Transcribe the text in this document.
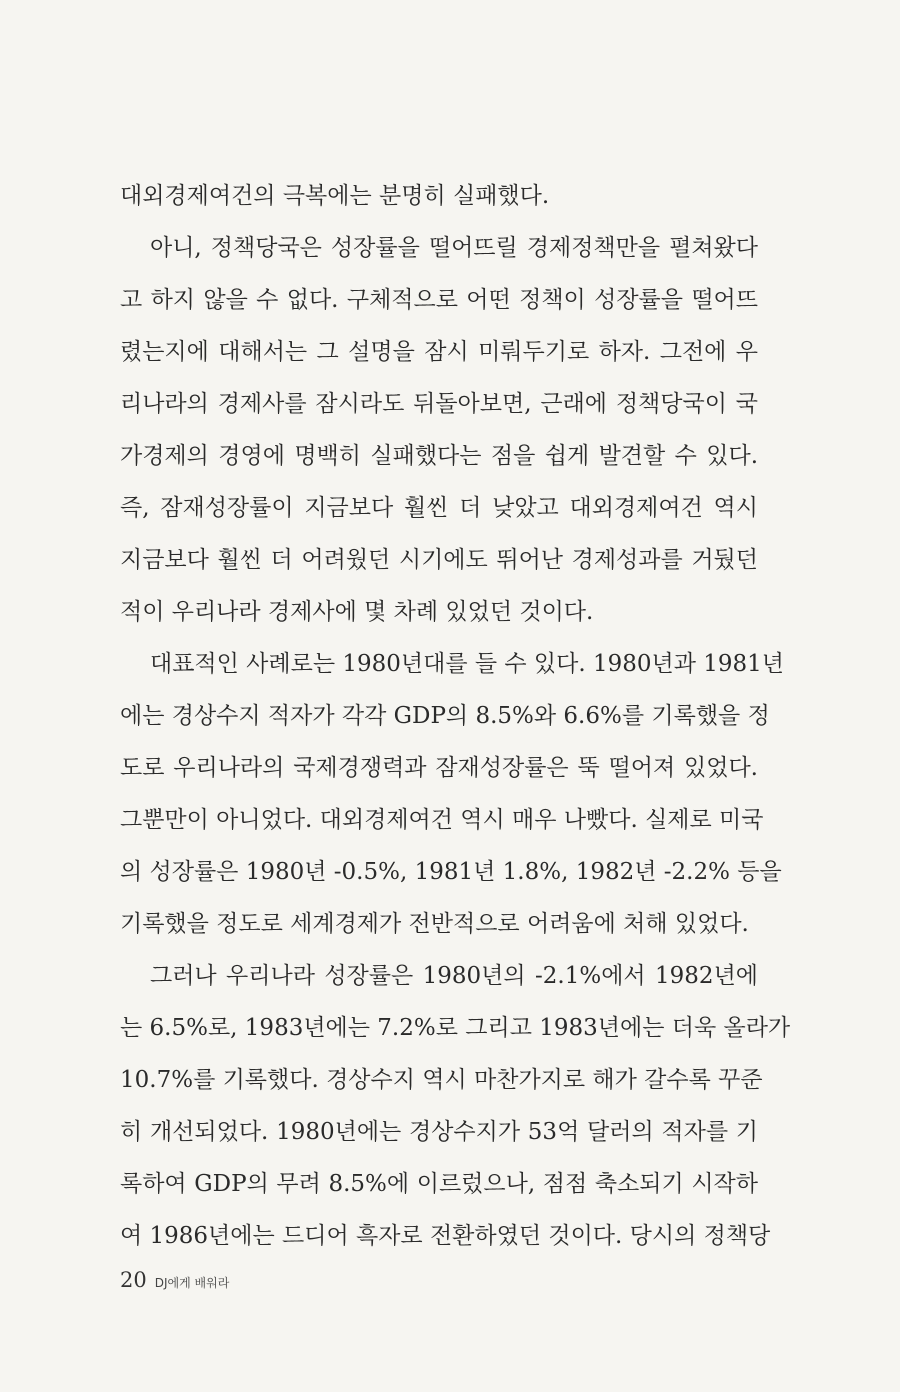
대외경제여건의 극복에는 분명히 실패했다.
아니, 정책당국은 성장률을 떨어뜨릴 경제정책만을 펼쳐왔다
고 하지 않을 수 없다. 구체적으로 어떤 정책이 성장률을 떨어뜨
렸는지에 대해서는 그 설명을 잠시 미뤄두기로 하자. 그전에 우
리나라의 경제사를 잠시라도 뒤돌아보면, 근래에 정책당국이 국
가경제의 경영에 명백히 실패했다는 점을 쉽게 발견할 수 있다.
즉, 잠재성장률이 지금보다 훨씬 더 낮았고 대외경제여건 역시
지금보다 훨씬 더 어려웠던 시기에도 뛰어난 경제성과를 거뒀던
적이 우리나라 경제사에 몇 차례 있었던 것이다.
대표적인 사례로는 1980년대를 들 수 있다. 1980년과 1981년
에는 경상수지 적자가 각각 GDP의 8.5%와 6.6%를 기록했을 정
도로 우리나라의 국제경쟁력과 잠재성장률은 뚝 떨어져 있었다.
그뿐만이 아니었다. 대외경제여건 역시 매우 나빴다. 실제로 미국
의 성장률은 1980년 -0.5%, 1981년 1.8%, 1982년 -2.2% 등을
기록했을 정도로 세계경제가 전반적으로 어려움에 처해 있었다.
그러나 우리나라 성장률은 1980년의 -2.1%에서 1982년에
는 6.5%로, 1983년에는 7.2%로 그리고 1983년에는 더욱 올라가
10.7%를 기록했다. 경상수지 역시 마찬가지로 해가 갈수록 꾸준
히 개선되었다. 1980년에는 경상수지가 53억 달러의 적자를 기
록하여 GDP의 무려 8.5%에 이르렀으나, 점점 축소되기 시작하
여 1986년에는 드디어 흑자로 전환하였던 것이다. 당시의 정책당
20 DJ에게 배워라
